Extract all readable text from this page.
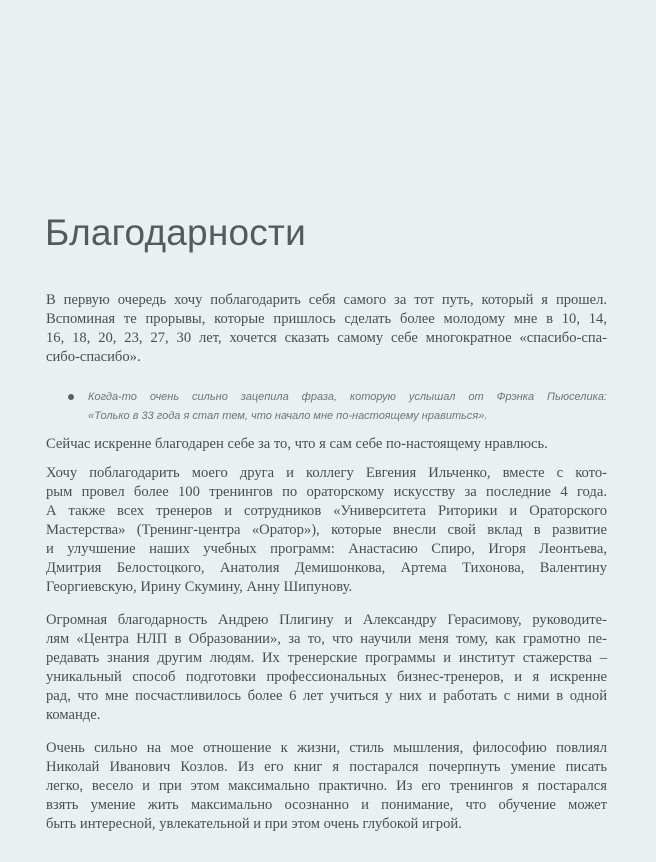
Благодарности
В первую очередь хочу поблагодарить себя самого за тот путь, который я прошел.
Вспоминая те прорывы, которые пришлось сделать более молодому мне в 10, 14,
16, 18, 20, 23, 27, 30 лет, хочется сказать самому себе многократное «спасибо-спа-
сибо-спасибо».
Когда-то очень сильно зацепила фраза, которую услышал от Фрэнка Пьюселика:
«Только в 33 года я стал тем, что начало мне по-настоящему нравиться».
Сейчас искренне благодарен себе за то, что я сам себе по-настоящему нравлюсь.
Хочу поблагодарить моего друга и коллегу Евгения Ильченко, вместе с кото-
рым провел более 100 тренингов по ораторскому искусству за последние 4 года.
А также всех тренеров и сотрудников «Университета Риторики и Ораторского
Мастерства» (Тренинг-центра «Оратор»), которые внесли свой вклад в развитие
и улучшение наших учебных программ: Анастасию Спиро, Игоря Леонтьева,
Дмитрия Белостоцкого, Анатолия Демишонкова, Артема Тихонова, Валентину
Георгиевскую, Ирину Скумину, Анну Шипунову.
Огромная благодарность Андрею Плигину и Александру Герасимову, руководите-
лям «Центра НЛП в Образовании», за то, что научили меня тому, как грамотно пе-
редавать знания другим людям. Их тренерские программы и институт стажерства –
уникальный способ подготовки профессиональных бизнес-тренеров, и я искренне
рад, что мне посчастливилось более 6 лет учиться у них и работать с ними в одной
команде.
Очень сильно на мое отношение к жизни, стиль мышления, философию повлиял
Николай Иванович Козлов. Из его книг я постарался почерпнуть умение писать
легко, весело и при этом максимально практично. Из его тренингов я постарался
взять умение жить максимально осознанно и понимание, что обучение может
быть интересной, увлекательной и при этом очень глубокой игрой.
